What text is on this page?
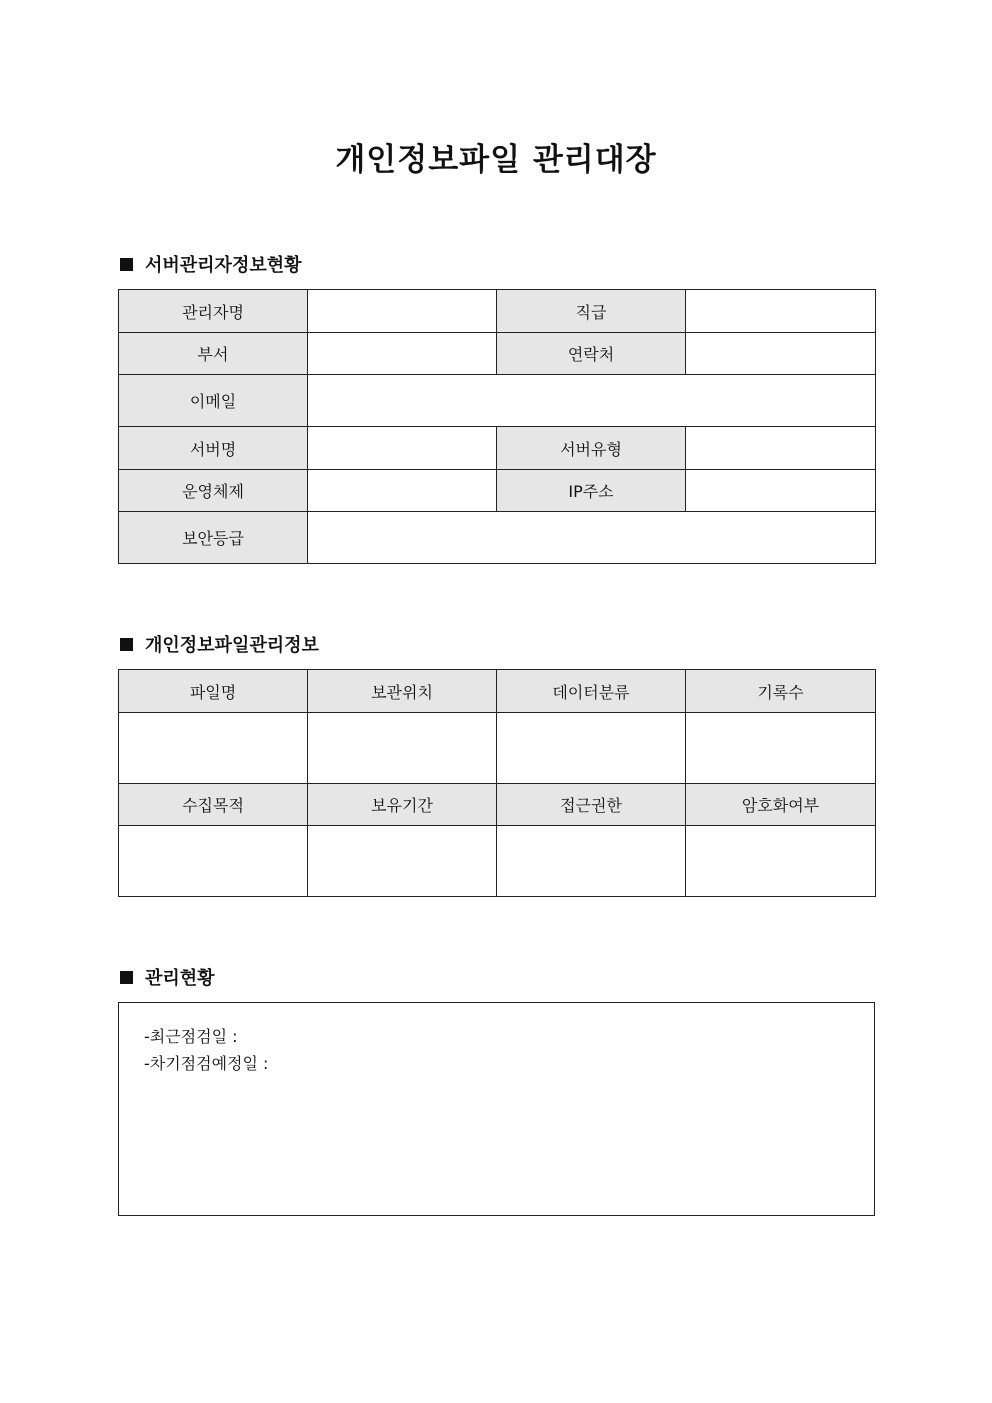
개인정보파일 관리대장
서버관리자정보현황
관리자명		직급	
부서		연락처	
이메일			
서버명		서버유형	
운영체제		IP주소	
보안등급			
개인정보파일관리정보
파일명	보관위치	데이터분류	기록수

수집목적	보유기간	접근권한	암호화여부

관리현황
-최근점검일 :
-차기점검예정일 :
